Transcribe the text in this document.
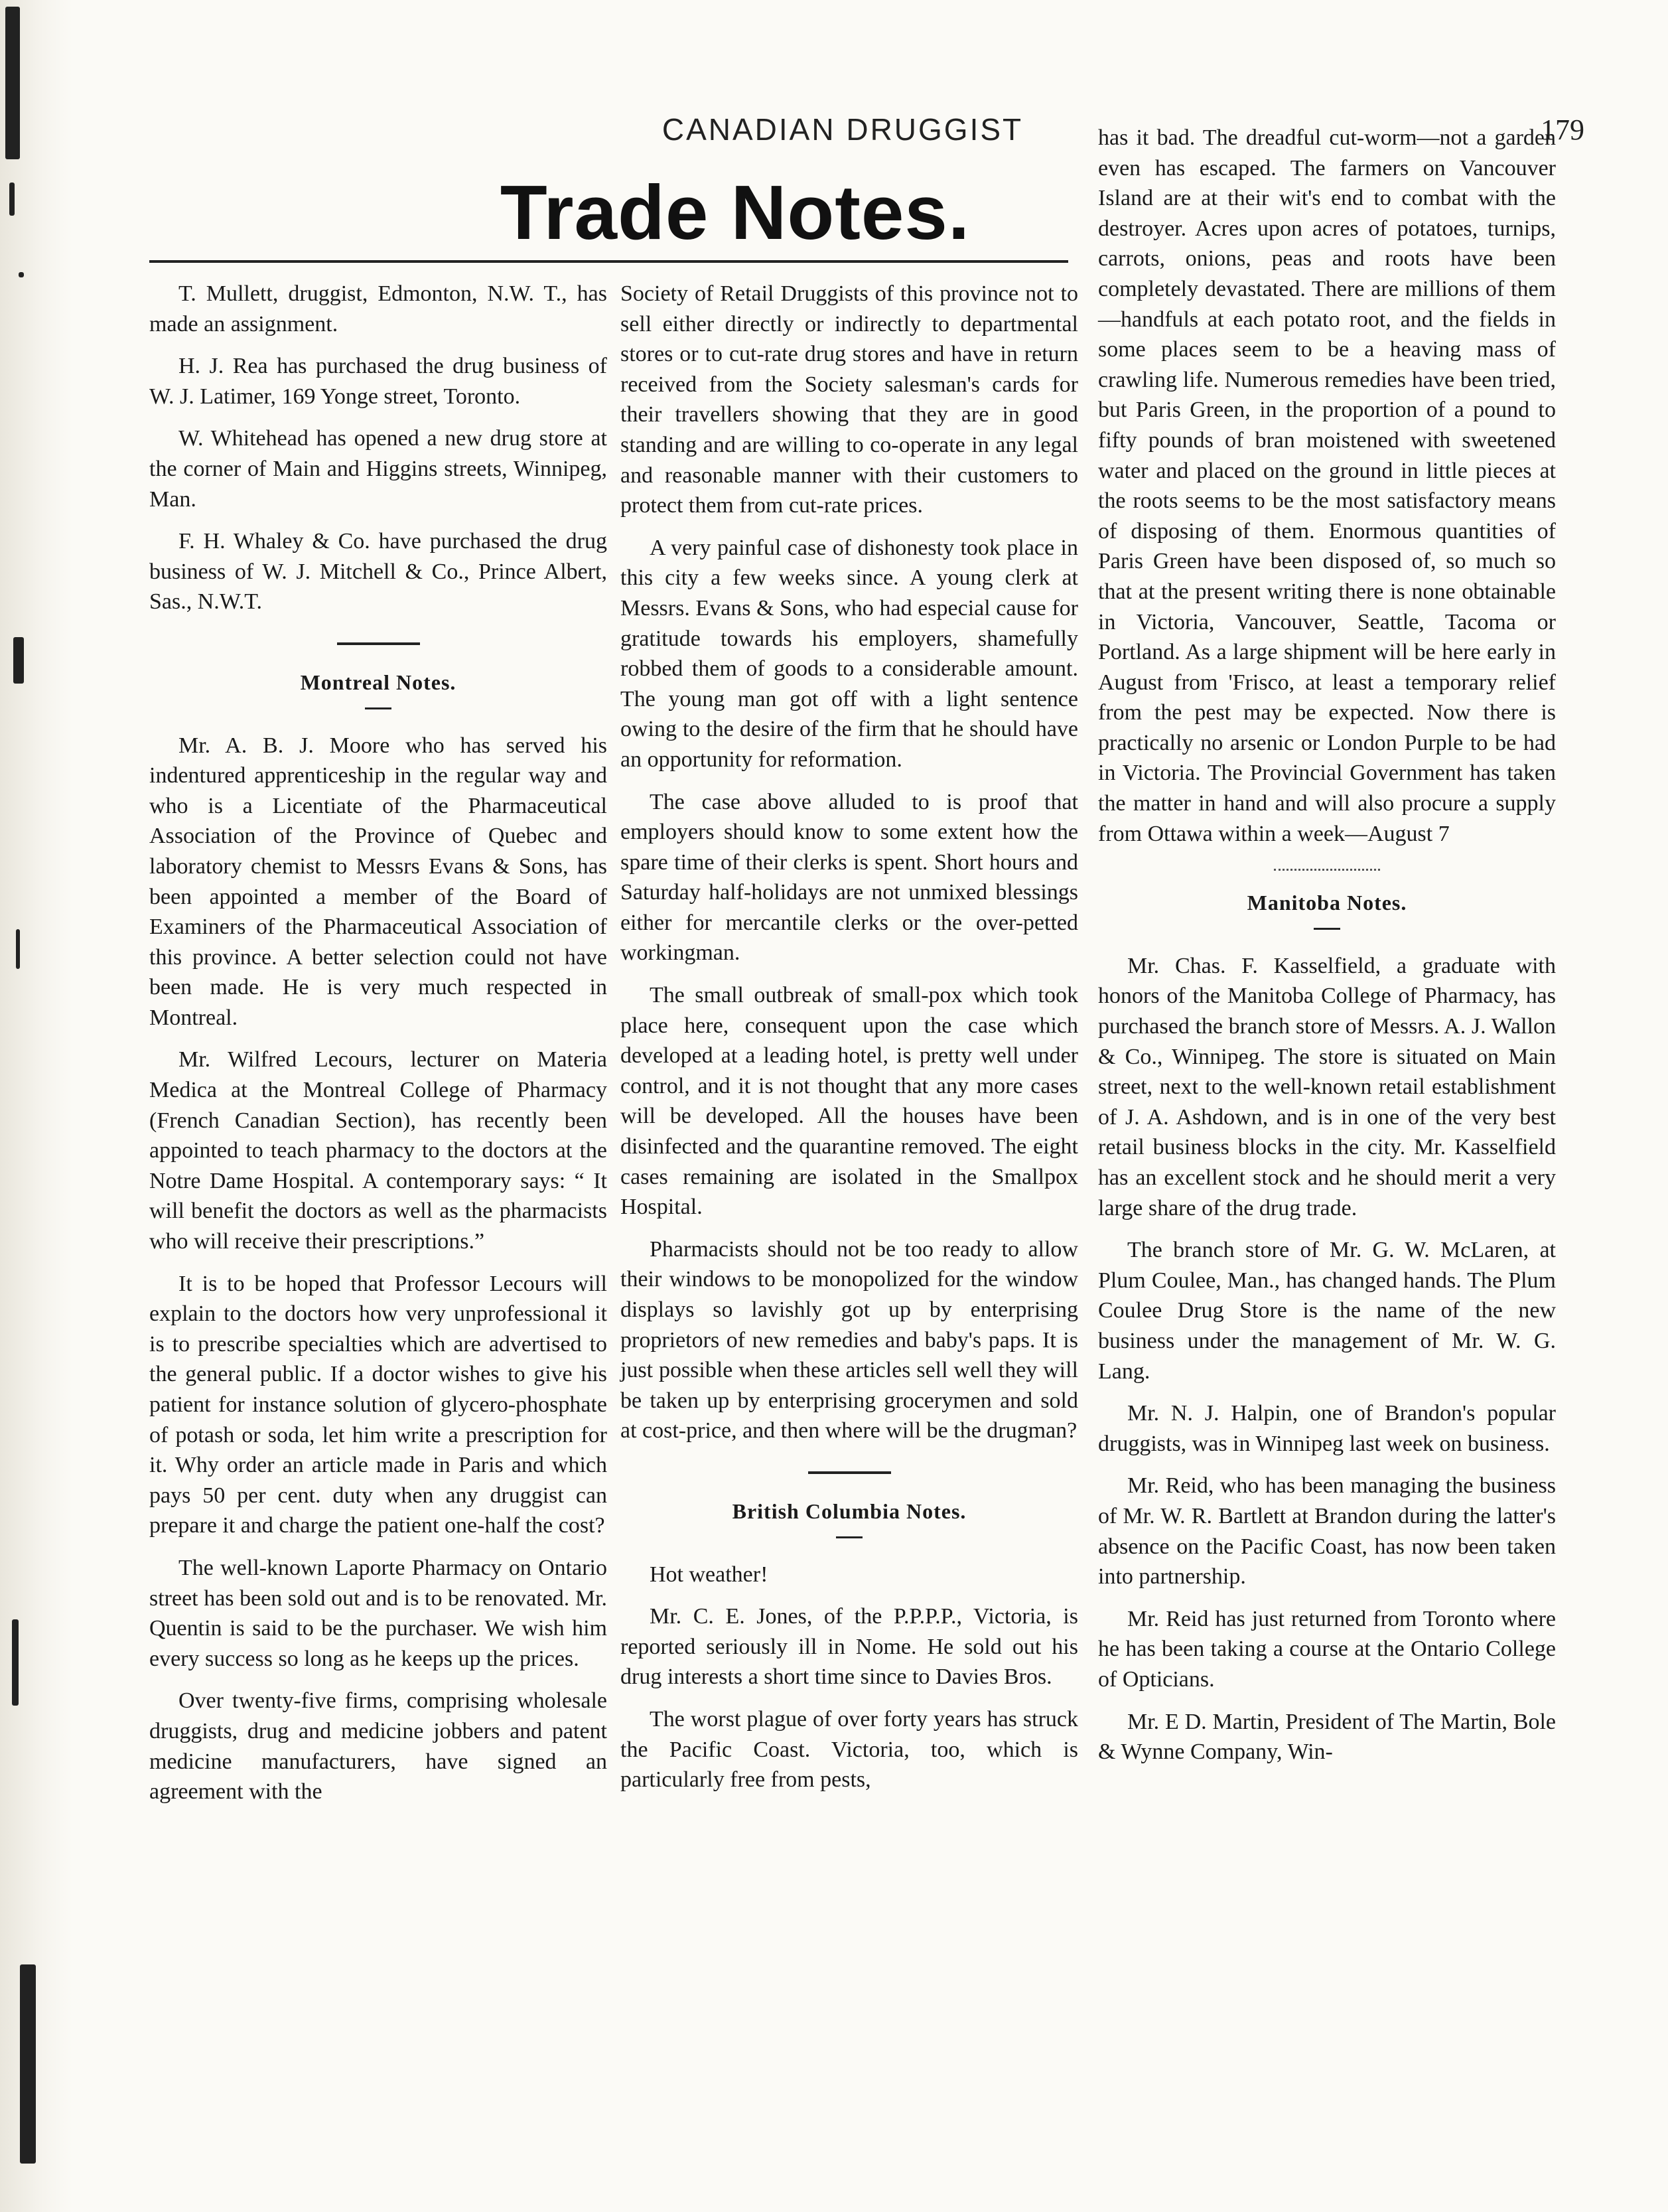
CANADIAN DRUGGIST	179
Trade Notes.

T. Mullett, druggist, Edmonton, N.W. T., has made an assignment.

H. J. Rea has purchased the drug business of W. J. Latimer, 169 Yonge street, Toronto.

W. Whitehead has opened a new drug store at the corner of Main and Higgins streets, Winnipeg, Man.

F. H. Whaley & Co. have purchased the drug business of W. J. Mitchell & Co., Prince Albert, Sas., N.W.T.

Montreal Notes.

Mr. A. B. J. Moore who has served his indentured apprenticeship in the regular way and who is a Licentiate of the Pharmaceutical Association of the Province of Quebec and laboratory chemist to Messrs Evans & Sons, has been appointed a member of the Board of Examiners of the Pharmaceutical Association of this province. A better selection could not have been made. He is very much respected in Montreal.

Mr. Wilfred Lecours, lecturer on Materia Medica at the Montreal College of Pharmacy (French Canadian Section), has recently been appointed to teach pharmacy to the doctors at the Notre Dame Hospital. A contemporary says: “ It will benefit the doctors as well as the pharmacists who will receive their prescriptions.”

It is to be hoped that Professor Lecours will explain to the doctors how very unprofessional it is to prescribe specialties which are advertised to the general public. If a doctor wishes to give his patient for instance solution of glycero-phosphate of potash or soda, let him write a prescription for it. Why order an article made in Paris and which pays 50 per cent. duty when any druggist can prepare it and charge the patient one-half the cost?

The well-known Laporte Pharmacy on Ontario street has been sold out and is to be renovated. Mr. Quentin is said to be the purchaser. We wish him every success so long as he keeps up the prices.

Over twenty-five firms, comprising wholesale druggists, drug and medicine jobbers and patent medicine manufacturers, have signed an agreement with the

Society of Retail Druggists of this province not to sell either directly or indirectly to departmental stores or to cut-rate drug stores and have in return received from the Society salesman's cards for their travellers showing that they are in good standing and are willing to co-operate in any legal and reasonable manner with their customers to protect them from cut-rate prices.

A very painful case of dishonesty took place in this city a few weeks since. A young clerk at Messrs. Evans & Sons, who had especial cause for gratitude towards his employers, shamefully robbed them of goods to a considerable amount. The young man got off with a light sentence owing to the desire of the firm that he should have an opportunity for reformation.

The case above alluded to is proof that employers should know to some extent how the spare time of their clerks is spent. Short hours and Saturday half-holidays are not unmixed blessings either for mercantile clerks or the over-petted workingman.

The small outbreak of small-pox which took place here, consequent upon the case which developed at a leading hotel, is pretty well under control, and it is not thought that any more cases will be developed. All the houses have been disinfected and the quarantine removed. The eight cases remaining are isolated in the Smallpox Hospital.

Pharmacists should not be too ready to allow their windows to be monopolized for the window displays so lavishly got up by enterprising proprietors of new remedies and baby's paps. It is just possible when these articles sell well they will be taken up by enterprising grocerymen and sold at cost-price, and then where will be the drugman?

British Columbia Notes.

Hot weather!

Mr. C. E. Jones, of the P.P.P.P., Victoria, is reported seriously ill in Nome. He sold out his drug interests a short time since to Davies Bros.

The worst plague of over forty years has struck the Pacific Coast. Victoria, too, which is particularly free from pests,

has it bad. The dreadful cut-worm—not a garden even has escaped. The farmers on Vancouver Island are at their wit's end to combat with the destroyer. Acres upon acres of potatoes, turnips, carrots, onions, peas and roots have been completely devastated. There are millions of them—handfuls at each potato root, and the fields in some places seem to be a heaving mass of crawling life. Numerous remedies have been tried, but Paris Green, in the proportion of a pound to fifty pounds of bran moistened with sweetened water and placed on the ground in little pieces at the roots seems to be the most satisfactory means of disposing of them. Enormous quantities of Paris Green have been disposed of, so much so that at the present writing there is none obtainable in Victoria, Vancouver, Seattle, Tacoma or Portland. As a large shipment will be here early in August from 'Frisco, at least a temporary relief from the pest may be expected. Now there is practically no arsenic or London Purple to be had in Victoria. The Provincial Government has taken the matter in hand and will also procure a supply from Ottawa within a week—August 7

Manitoba Notes.

Mr. Chas. F. Kasselfield, a graduate with honors of the Manitoba College of Pharmacy, has purchased the branch store of Messrs. A. J. Wallon & Co., Winnipeg. The store is situated on Main street, next to the well-known retail establishment of J. A. Ashdown, and is in one of the very best retail business blocks in the city. Mr. Kasselfield has an excellent stock and he should merit a very large share of the drug trade.

The branch store of Mr. G. W. McLaren, at Plum Coulee, Man., has changed hands. The Plum Coulee Drug Store is the name of the new business under the management of Mr. W. G. Lang.

Mr. N. J. Halpin, one of Brandon's popular druggists, was in Winnipeg last week on business.

Mr. Reid, who has been managing the business of Mr. W. R. Bartlett at Brandon during the latter's absence on the Pacific Coast, has now been taken into partnership.

Mr. Reid has just returned from Toronto where he has been taking a course at the Ontario College of Opticians.

Mr. E D. Martin, President of The Martin, Bole & Wynne Company, Win-
